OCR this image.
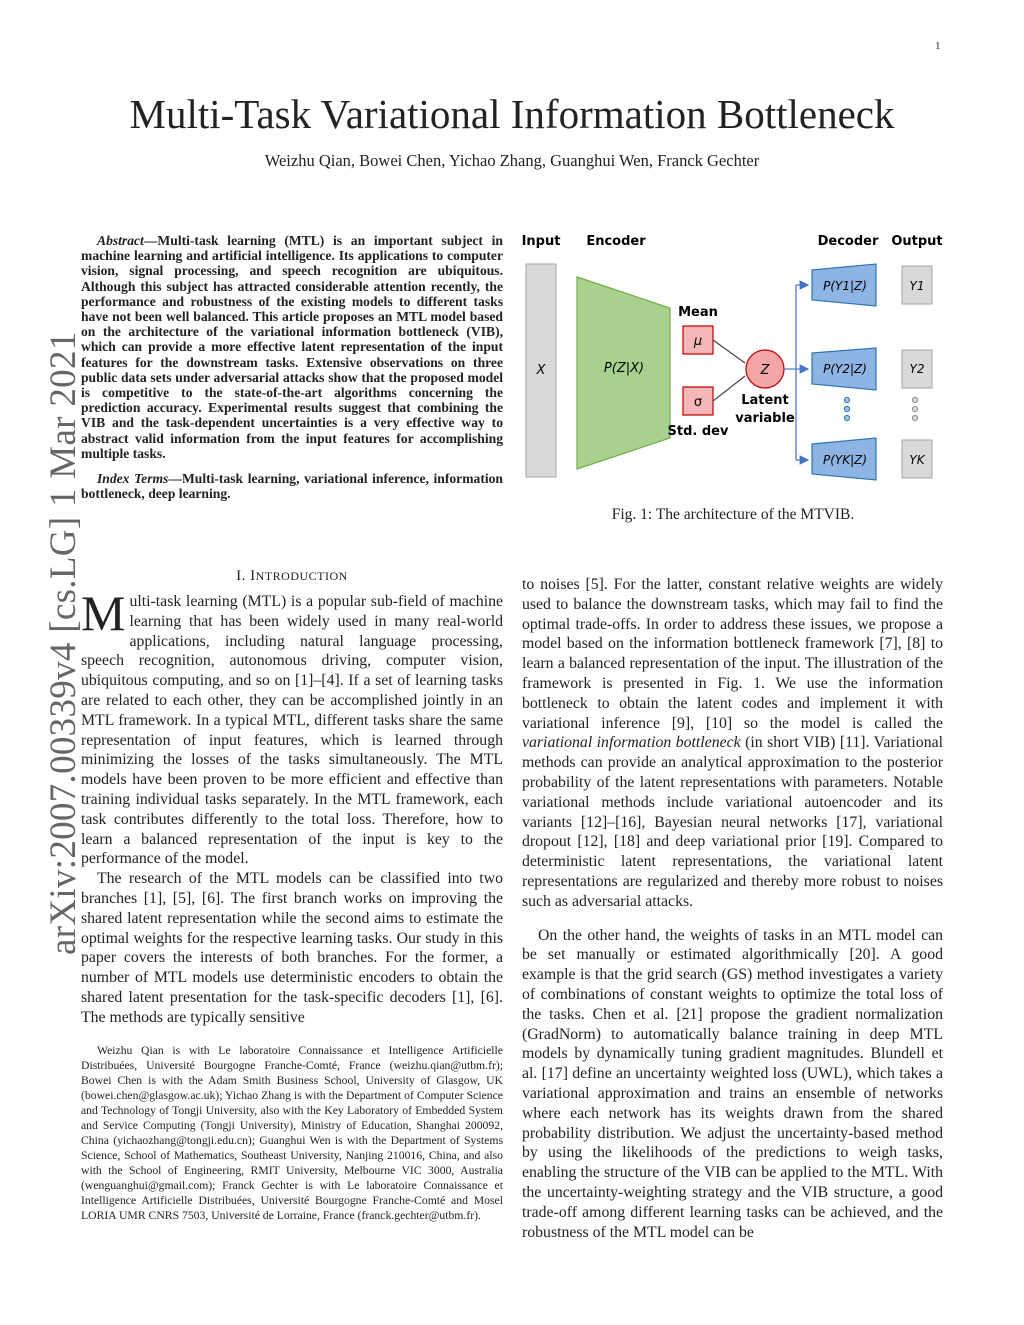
1
arXiv:2007.00339v4 [cs.LG] 1 Mar 2021
Multi-Task Variational Information Bottleneck
Weizhu Qian, Bowei Chen, Yichao Zhang, Guanghui Wen, Franck Gechter

Abstract—Multi-task learning (MTL) is an important subject in machine learning and artificial intelligence. Its applications to computer vision, signal processing, and speech recognition are ubiquitous. Although this subject has attracted considerable attention recently, the performance and robustness of the existing models to different tasks have not been well balanced. This article proposes an MTL model based on the architecture of the variational information bottleneck (VIB), which can provide a more effective latent representation of the input features for the downstream tasks. Extensive observations on three public data sets under adversarial attacks show that the proposed model is competitive to the state-of-the-art algorithms concerning the prediction accuracy. Experimental results suggest that combining the VIB and the task-dependent uncertainties is a very effective way to abstract valid information from the input features for accomplishing multiple tasks.

Index Terms—Multi-task learning, variational inference, information bottleneck, deep learning.

I. INTRODUCTION

Multi-task learning (MTL) is a popular sub-field of machine learning that has been widely used in many real-world applications, including natural language processing, speech recognition, autonomous driving, computer vision, ubiquitous computing, and so on [1]–[4]. If a set of learning tasks are related to each other, they can be accomplished jointly in an MTL framework. In a typical MTL, different tasks share the same representation of input features, which is learned through minimizing the losses of the tasks simultaneously. The MTL models have been proven to be more efficient and effective than training individual tasks separately. In the MTL framework, each task contributes differently to the total loss. Therefore, how to learn a balanced representation of the input is key to the performance of the model.

The research of the MTL models can be classified into two branches [1], [5], [6]. The first branch works on improving the shared latent representation while the second aims to estimate the optimal weights for the respective learning tasks. Our study in this paper covers the interests of both branches. For the former, a number of MTL models use deterministic encoders to obtain the shared latent presentation for the task-specific decoders [1], [6]. The methods are typically sensitive

Weizhu Qian is with Le laboratoire Connaissance et Intelligence Artificielle Distribuées, Université Bourgogne Franche-Comté, France (weizhu.qian@utbm.fr); Bowei Chen is with the Adam Smith Business School, University of Glasgow, UK (bowei.chen@glasgow.ac.uk); Yichao Zhang is with the Department of Computer Science and Technology of Tongji University, also with the Key Laboratory of Embedded System and Service Computing (Tongji University), Ministry of Education, Shanghai 200092, China (yichaozhang@tongji.edu.cn); Guanghui Wen is with the Department of Systems Science, School of Mathematics, Southeast University, Nanjing 210016, China, and also with the School of Engineering, RMIT University, Melbourne VIC 3000, Australia (wenguanghui@gmail.com); Franck Gechter is with Le laboratoire Connaissance et Intelligence Artificielle Distribuées, Université Bourgogne Franche-Comté and Mosel LORIA UMR CNRS 7503, Université de Lorraine, France (franck.gechter@utbm.fr).

Input Encoder	Decoder Output
X	P(Z|X)
Mean
μ
σ
Std. dev
Z
Latent
variable
P(Y1|Z)
P(Y2|Z)
P(YK|Z)
Y1
Y2
YK
Fig. 1: The architecture of the MTVIB.

to noises [5]. For the latter, constant relative weights are widely used to balance the downstream tasks, which may fail to find the optimal trade-offs. In order to address these issues, we propose a model based on the information bottleneck framework [7], [8] to learn a balanced representation of the input. The illustration of the framework is presented in Fig. 1. We use the information bottleneck to obtain the latent codes and implement it with variational inference [9], [10] so the model is called the variational information bottleneck (in short VIB) [11]. Variational methods can provide an analytical approximation to the posterior probability of the latent representations with parameters. Notable variational methods include variational autoencoder and its variants [12]–[16], Bayesian neural networks [17], variational dropout [12], [18] and deep variational prior [19]. Compared to deterministic latent representations, the variational latent representations are regularized and thereby more robust to noises such as adversarial attacks.

On the other hand, the weights of tasks in an MTL model can be set manually or estimated algorithmically [20]. A good example is that the grid search (GS) method investigates a variety of combinations of constant weights to optimize the total loss of the tasks. Chen et al. [21] propose the gradient normalization (GradNorm) to automatically balance training in deep MTL models by dynamically tuning gradient magnitudes. Blundell et al. [17] define an uncertainty weighted loss (UWL), which takes a variational approximation and trains an ensemble of networks where each network has its weights drawn from the shared probability distribution. We adjust the uncertainty-based method by using the likelihoods of the predictions to weigh tasks, enabling the structure of the VIB can be applied to the MTL. With the uncertainty-weighting strategy and the VIB structure, a good trade-off among different learning tasks can be achieved, and the robustness of the MTL model can be
